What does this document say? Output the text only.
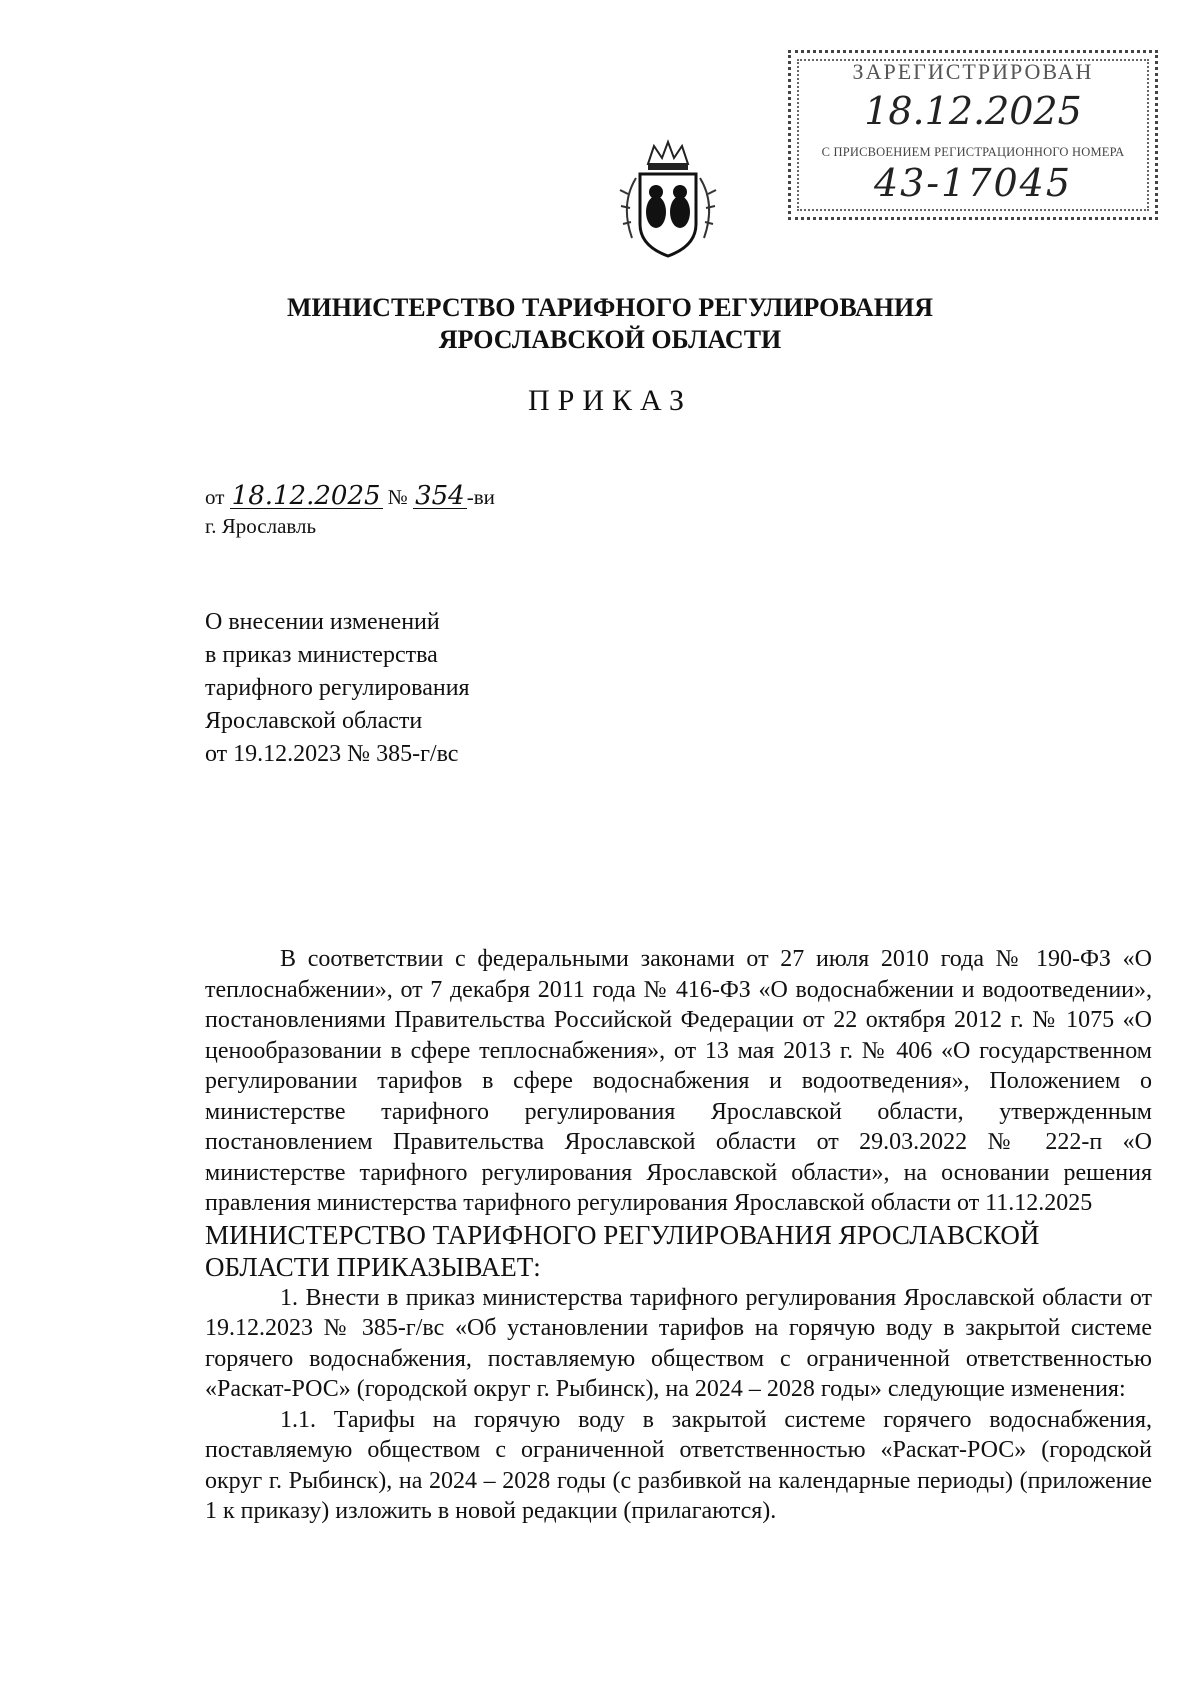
ЗАРЕГИСТРИРОВАН
18.12.2025
С ПРИСВОЕНИЕМ РЕГИСТРАЦИОННОГО НОМЕРА
43-17045
МИНИСТЕРСТВО ТАРИФНОГО РЕГУЛИРОВАНИЯ
ЯРОСЛАВСКОЙ ОБЛАСТИ
ПРИКАЗ
от 18.12.2025 № 354-ви
г. Ярославль
О внесении изменений
в приказ министерства
тарифного регулирования
Ярославской области
от 19.12.2023 № 385-г/вс

В соответствии с федеральными законами от 27 июля 2010 года № 190-ФЗ «О теплоснабжении», от 7 декабря 2011 года № 416-ФЗ «О водоснабжении и водоотведении», постановлениями Правительства Российской Федерации от 22 октября 2012 г. № 1075 «О ценообразовании в сфере теплоснабжения», от 13 мая 2013 г. № 406 «О государственном регулировании тарифов в сфере водоснабжения и водоотведения», Положением о министерстве тарифного регулирования Ярославской области, утвержденным постановлением Правительства Ярославской области от 29.03.2022 № 222-п «О министерстве тарифного регулирования Ярославской области», на основании решения правления министерства тарифного регулирования Ярославской области от 11.12.2025

МИНИСТЕРСТВО ТАРИФНОГО РЕГУЛИРОВАНИЯ ЯРОСЛАВСКОЙ

ОБЛАСТИ ПРИКАЗЫВАЕТ:

1. Внести в приказ министерства тарифного регулирования Ярославской области от 19.12.2023 № 385-г/вс «Об установлении тарифов на горячую воду в закрытой системе горячего водоснабжения, поставляемую обществом с ограниченной ответственностью «Раскат-РОС» (городской округ г. Рыбинск), на 2024 – 2028 годы» следующие изменения:

1.1. Тарифы на горячую воду в закрытой системе горячего водоснабжения, поставляемую обществом с ограниченной ответственностью «Раскат-РОС» (городской округ г. Рыбинск), на 2024 – 2028 годы (с разбивкой на календарные периоды) (приложение 1 к приказу) изложить в новой редакции (прилагаются).
